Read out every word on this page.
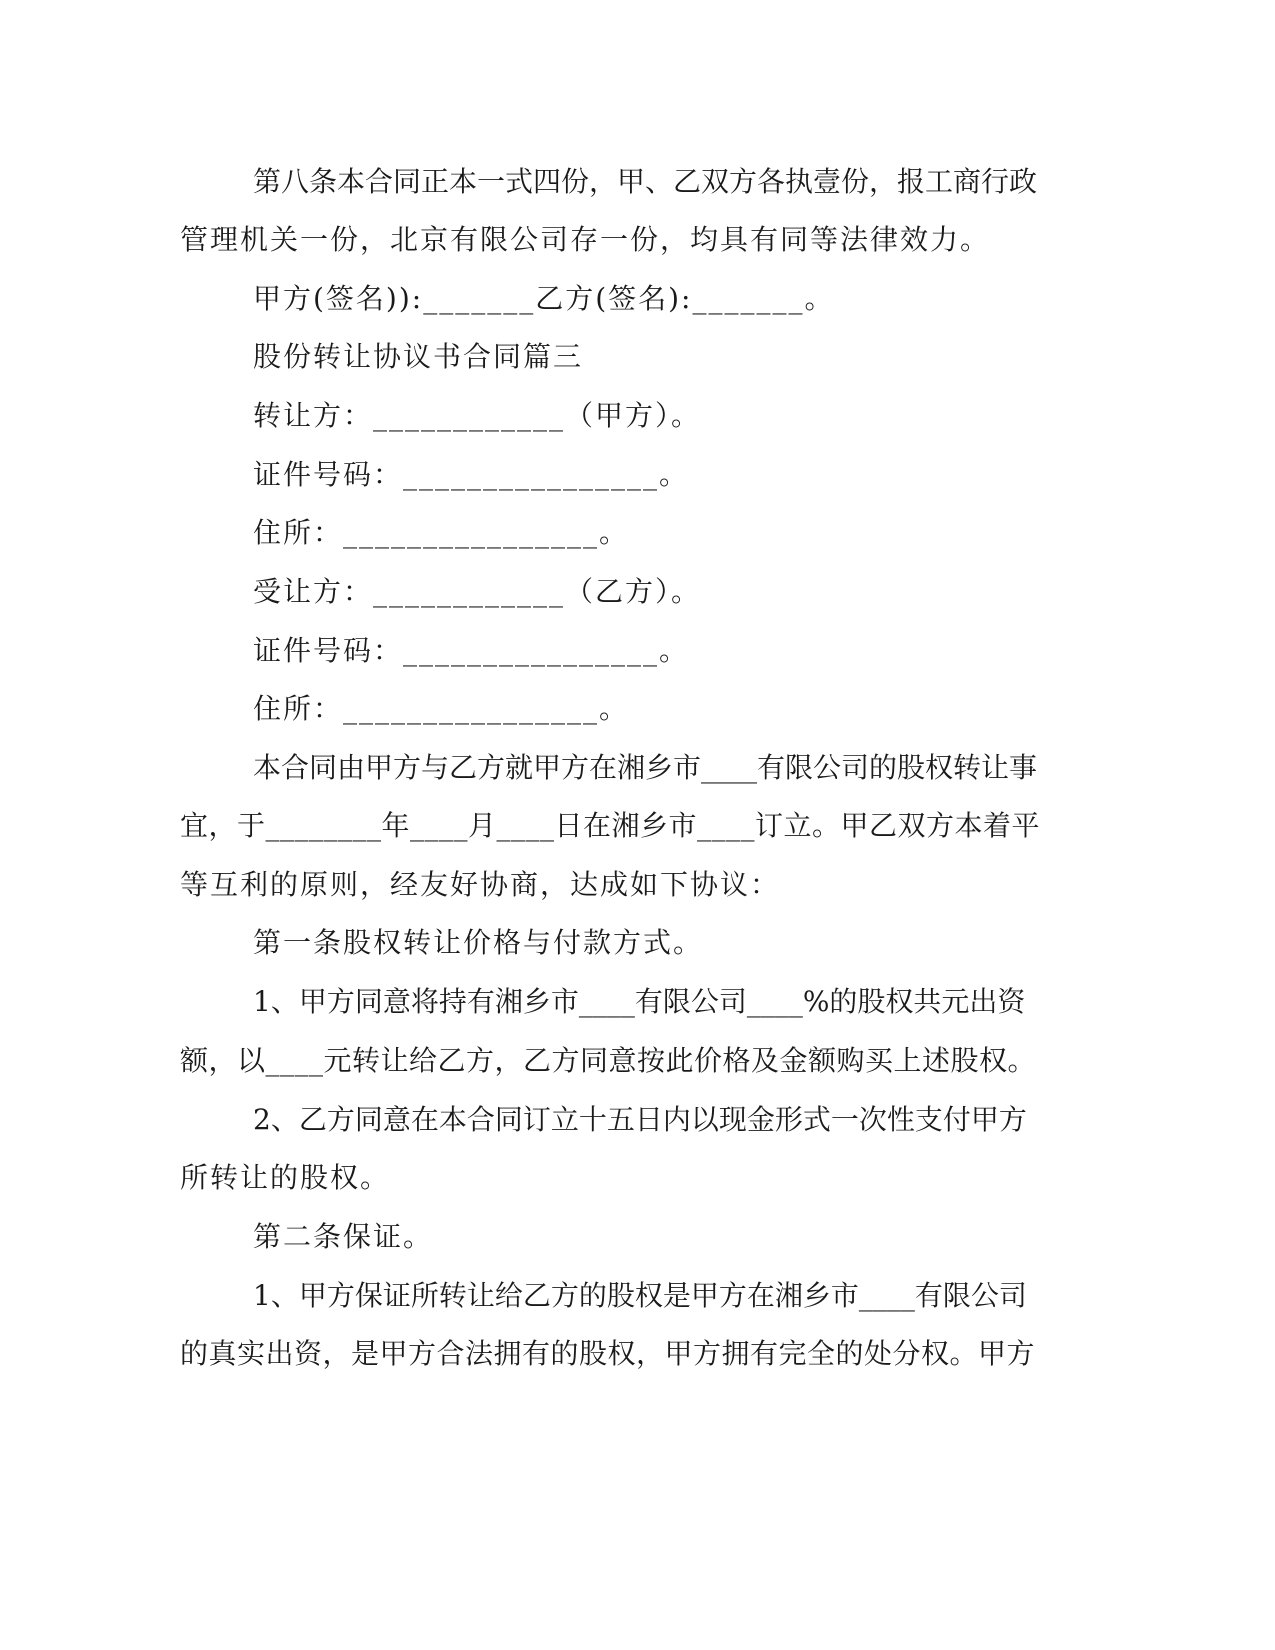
第八条本合同正本一式四份，甲、乙双方各执壹份，报工商行政
管理机关一份，北京有限公司存一份，均具有同等法律效力。
甲方(签名)):_______乙方(签名):_______。
股份转让协议书合同篇三
转让方：____________（甲方）。
证件号码：________________。
住所：________________。
受让方：____________（乙方）。
证件号码：________________。
住所：________________。
本合同由甲方与乙方就甲方在湘乡市____有限公司的股权转让事
宜，于________年____月____日在湘乡市____订立。甲乙双方本着平
等互利的原则，经友好协商，达成如下协议：
第一条股权转让价格与付款方式。
1、甲方同意将持有湘乡市____有限公司____%的股权共元出资
额，以____元转让给乙方，乙方同意按此价格及金额购买上述股权。
2、乙方同意在本合同订立十五日内以现金形式一次性支付甲方
所转让的股权。
第二条保证。
1、甲方保证所转让给乙方的股权是甲方在湘乡市____有限公司
的真实出资，是甲方合法拥有的股权，甲方拥有完全的处分权。甲方
